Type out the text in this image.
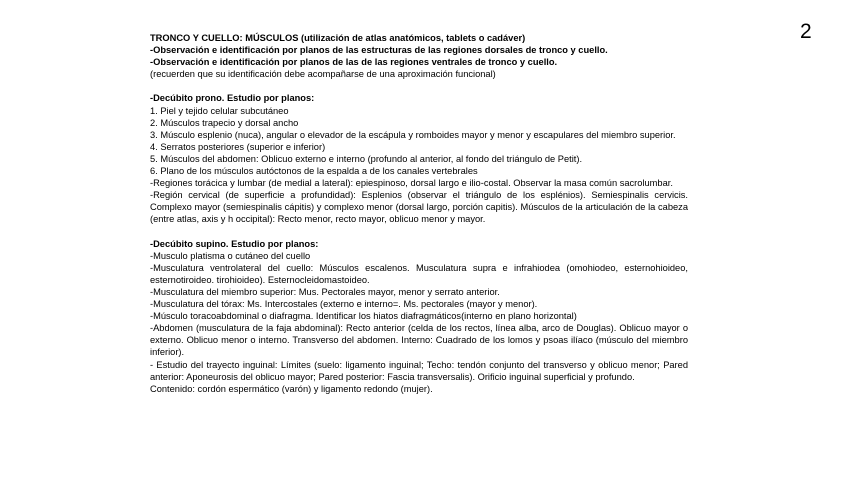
2

TRONCO Y CUELLO: MÚSCULOS (utilización de atlas anatómicos, tablets o cadáver)

-Observación e identificación por planos de las estructuras de las regiones dorsales de tronco y cuello.

-Observación e identificación por planos de las de las regiones ventrales de tronco y cuello.

(recuerden que su identificación debe acompañarse de una aproximación funcional)

-Decúbito prono. Estudio por planos:

1. Piel y tejido celular subcutáneo

2. Músculos trapecio y dorsal ancho

3. Músculo esplenio (nuca), angular o elevador de la escápula y romboides mayor y menor y escapulares del miembro superior.

4. Serratos posteriores (superior e inferior)

5. Músculos del abdomen: Oblicuo externo e interno (profundo al anterior, al fondo del triángulo de Petit).

6. Plano de los músculos autóctonos de la espalda a de los canales vertebrales

-Regiones torácica y lumbar (de medial a lateral): epiespinoso, dorsal largo e ilio-costal. Observar la masa común sacrolumbar.

-Región cervical (de superficie a profundidad): Esplenios (observar el triángulo de los esplénios). Semiespinalis cervicis. Complexo mayor (semiespinalis cápitis) y complexo menor (dorsal largo, porción capitis). Músculos de la articulación de la cabeza (entre atlas, axis y h occipital): Recto menor, recto mayor, oblicuo menor y mayor.

-Decúbito supino. Estudio por planos:

-Musculo platisma o cutáneo del cuello

-Musculatura ventrolateral del cuello: Músculos escalenos. Musculatura supra e infrahiodea (omohiodeo, esternohioideo, esternotiroideo. tirohioideo). Esternocleidomastoideo.

-Musculatura del miembro superior: Mus. Pectorales mayor, menor y serrato anterior.

-Musculatura del tórax: Ms. Intercostales (externo e interno=. Ms. pectorales (mayor y menor).

-Músculo toracoabdominal o diafragma. Identificar los hiatos diafragmáticos(interno en plano horizontal)

-Abdomen (musculatura de la faja abdominal): Recto anterior (celda de los rectos, línea alba, arco de Douglas). Oblicuo mayor o externo. Oblicuo menor o interno. Transverso del abdomen. Interno: Cuadrado de los lomos y psoas ilíaco (músculo del miembro inferior).

- Estudio del trayecto inguinal: Límites (suelo: ligamento inguinal; Techo: tendón conjunto del transverso y oblicuo menor; Pared anterior: Aponeurosis del oblicuo mayor; Pared posterior: Fascia transversalis). Orificio inguinal superficial y profundo.

Contenido: cordón espermático (varón) y ligamento redondo (mujer).
